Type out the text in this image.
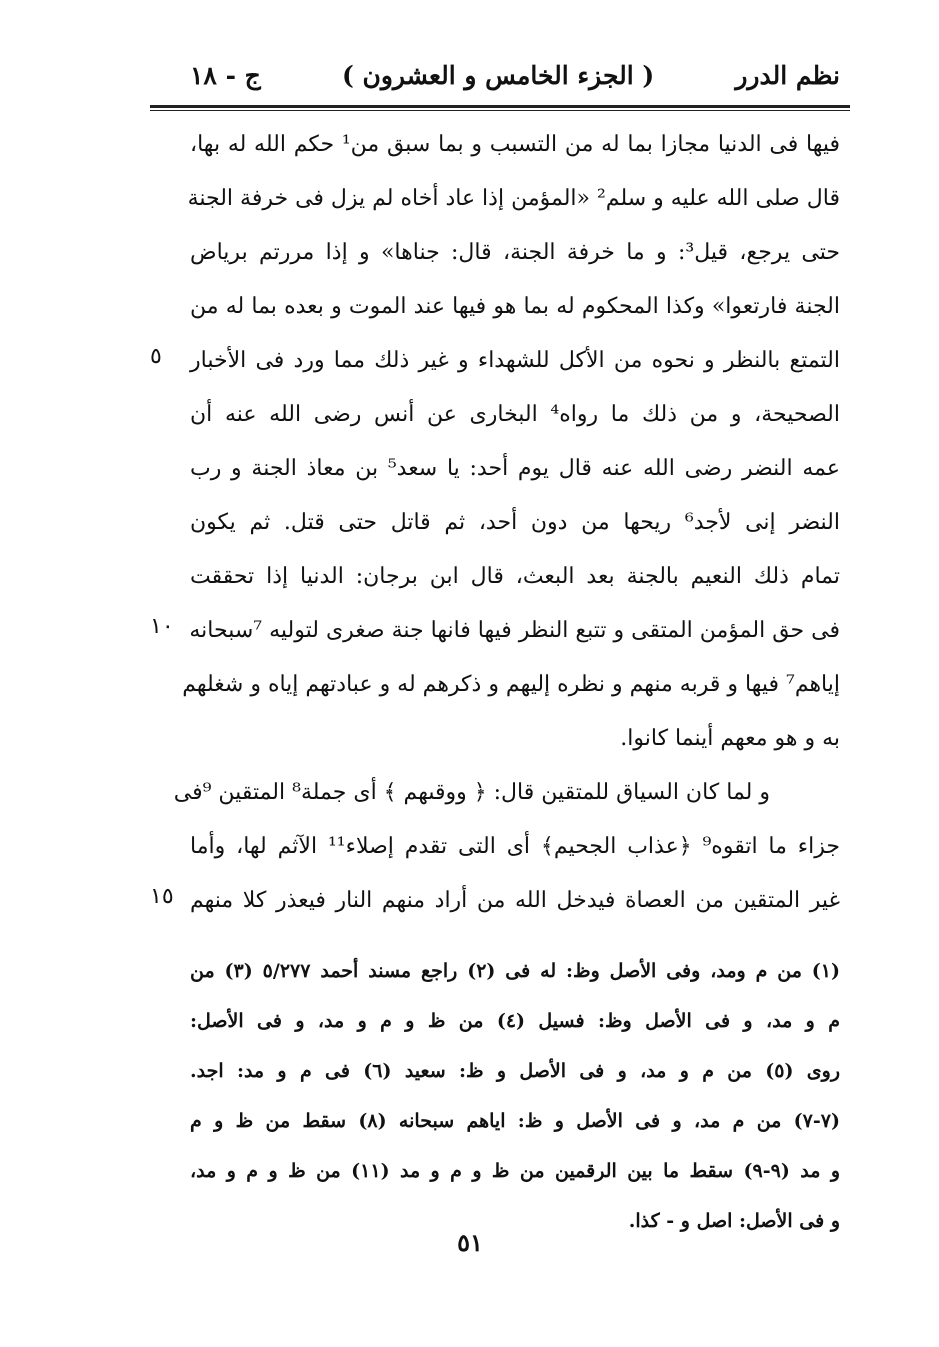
نظم الدرر
( الجزء الخامس و العشرون )
ج - ١٨
فيها فى الدنيا مجازا بما له من التسبب و بما سبق من¹ حكم الله له بها،
قال صلى الله عليه و سلم² «المؤمن إذا عاد أخاه لم يزل فى خرفة الجنة
حتى يرجع، قيل³: و ما خرفة الجنة، قال: جناها» و إذا مررتم برياض
الجنة فارتعوا» وكذا المحكوم له بما هو فيها عند الموت و بعده بما له من
التمتع بالنظر و نحوه من الأكل للشهداء و غير ذلك مما ورد فى الأخبار
الصحيحة، و من ذلك ما رواه⁴ البخارى عن أنس رضى الله عنه أن
عمه النضر رضى الله عنه قال يوم أحد: يا سعد⁵ بن معاذ الجنة و رب
النضر إنى لأجد⁶ ريحها من دون أحد، ثم قاتل حتى قتل. ثم يكون
تمام ذلك النعيم بالجنة بعد البعث، قال ابن برجان: الدنيا إذا تحققت
فى حق المؤمن المتقى و تتبع النظر فيها فانها جنة صغرى لتوليه ⁷سبحانه
إياهم⁷ فيها و قربه منهم و نظره إليهم و ذكرهم له و عبادتهم إياه و شغلهم
به و هو معهم أينما كانوا.
و لما كان السياق للمتقين قال: ﴿ ووقىهم ﴾ أى جملة⁸ المتقين ⁹فى
جزاء ما اتقوه⁹ ﴿عذاب الجحيم﴾ أى التى تقدم إصلاء¹¹ الآثم لها، وأما
غير المتقين من العصاة فيدخل الله من أراد منهم النار فيعذر كلا منهم
٥
١٠
١٥
(١) من م ومد، وفى الأصل وظ: له فى (٢) راجع مسند أحمد ٥/٢٧٧ (٣) من
م و مد، و فى الأصل وظ: فسيل (٤) من ظ و م و مد، و فى الأصل:
روى (٥) من م و مد، و فى الأصل و ظ: سعيد (٦) فى م و مد: اجد.
(٧-٧) من م مد، و فى الأصل و ظ: اياهم سبحانه (٨) سقط من ظ و م
و مد (٩-٩) سقط ما بين الرقمين من ظ و م و مد (١١) من ظ و م و مد،
و فى الأصل: اصل و - كذا.
٥١
